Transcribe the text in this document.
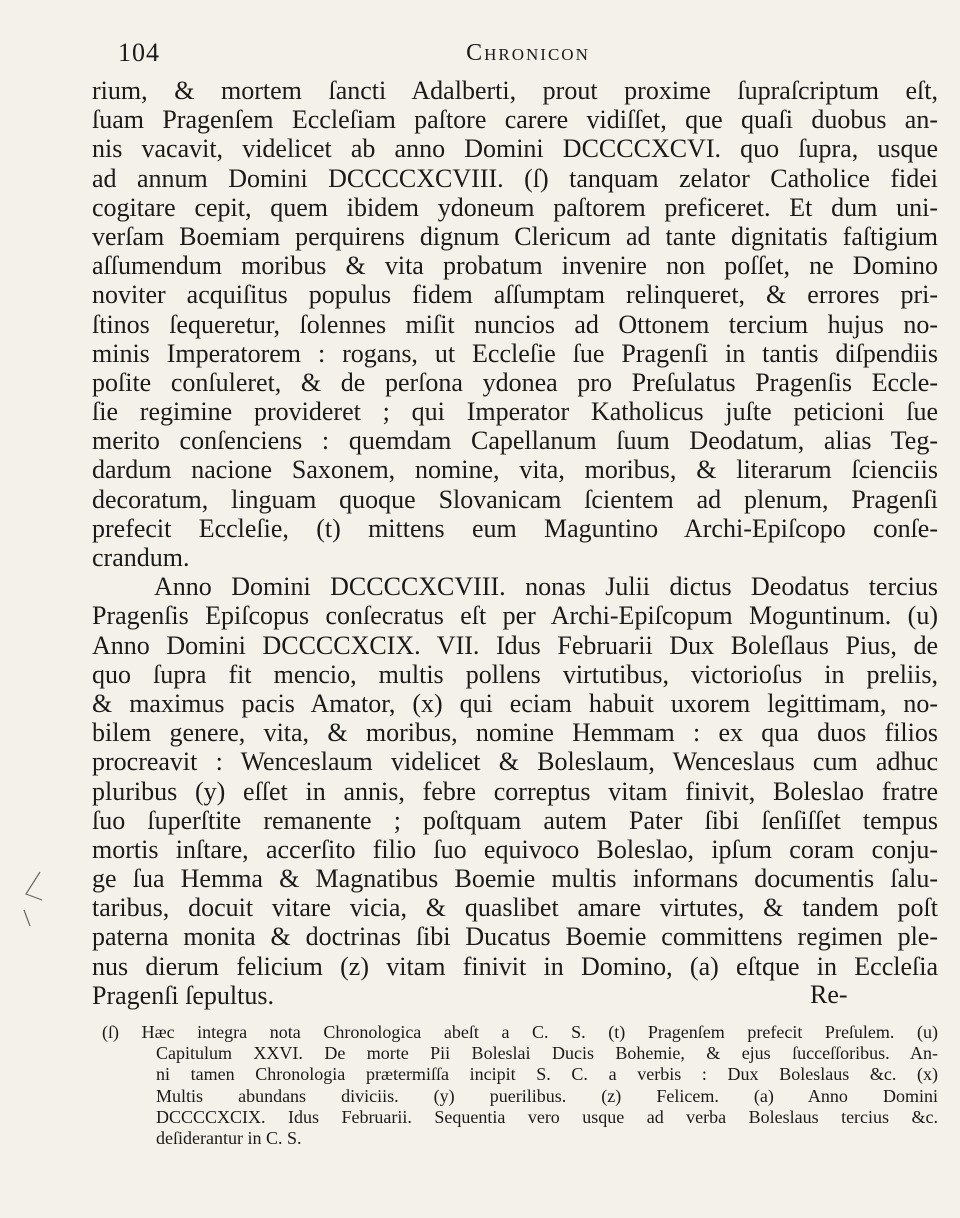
104	Chronicon
rium, & mortem ſancti Adalberti, prout proxime ſupraſcriptum eſt,
ſuam Pragenſem Eccleſiam paſtore carere vidiſſet, que quaſi duobus an-
nis vacavit, videlicet ab anno Domini DCCCCXCVI. quo ſupra, usque
ad annum Domini DCCCCXCVIII. (ſ) tanquam zelator Catholice fidei
cogitare cepit, quem ibidem ydoneum paſtorem preficeret. Et dum uni-
verſam Boemiam perquirens dignum Clericum ad tante dignitatis faſtigium
aſſumendum moribus & vita probatum invenire non poſſet, ne Domino
noviter acquiſitus populus fidem aſſumptam relinqueret, & errores pri-
ſtinos ſequeretur, ſolennes miſit nuncios ad Ottonem tercium hujus no-
minis Imperatorem : rogans, ut Eccleſie ſue Pragenſi in tantis diſpendiis
poſite conſuleret, & de perſona ydonea pro Preſulatus Pragenſis Eccle-
ſie regimine provideret ; qui Imperator Katholicus juſte peticioni ſue
merito conſenciens : quemdam Capellanum ſuum Deodatum, alias Teg-
dardum nacione Saxonem, nomine, vita, moribus, & literarum ſcienciis
decoratum, linguam quoque Slovanicam ſcientem ad plenum, Pragenſi
prefecit Eccleſie, (t) mittens eum Maguntino Archi-Epiſcopo conſe-
crandum.
Anno Domini DCCCCXCVIII. nonas Julii dictus Deodatus tercius
Pragenſis Epiſcopus conſecratus eſt per Archi-Epiſcopum Moguntinum. (u)
Anno Domini DCCCCXCIX. VII. Idus Februarii Dux Boleſlaus Pius, de
quo ſupra fit mencio, multis pollens virtutibus, victorioſus in preliis,
& maximus pacis Amator, (x) qui eciam habuit uxorem legittimam, no-
bilem genere, vita, & moribus, nomine Hemmam : ex qua duos filios
procreavit : Wenceslaum videlicet & Boleslaum, Wenceslaus cum adhuc
pluribus (y) eſſet in annis, febre correptus vitam finivit, Boleslao fratre
ſuo ſuperſtite remanente ; poſtquam autem Pater ſibi ſenſiſſet tempus
mortis inſtare, accerſito filio ſuo equivoco Boleslao, ipſum coram conju-
ge ſua Hemma & Magnatibus Boemie multis informans documentis ſalu-
taribus, docuit vitare vicia, & quaslibet amare virtutes, & tandem poſt
paterna monita & doctrinas ſibi Ducatus Boemie committens regimen ple-
nus dierum felicium (z) vitam finivit in Domino, (a) eſtque in Eccleſia
Pragenſi ſepultus.	Re-
(ſ) Hæc integra nota Chronologica abeſt a C. S. (t) Pragenſem prefecit Preſulem. (u)
Capitulum XXVI. De morte Pii Boleslai Ducis Bohemie, & ejus ſucceſſoribus. An-
ni tamen Chronologia prætermiſſa incipit S. C. a verbis : Dux Boleslaus &c. (x)
Multis abundans diviciis. (y) puerilibus. (z) Felicem. (a) Anno Domini
DCCCCXCIX. Idus Februarii. Sequentia vero usque ad verba Boleslaus tercius &c.
deſiderantur in C. S.
